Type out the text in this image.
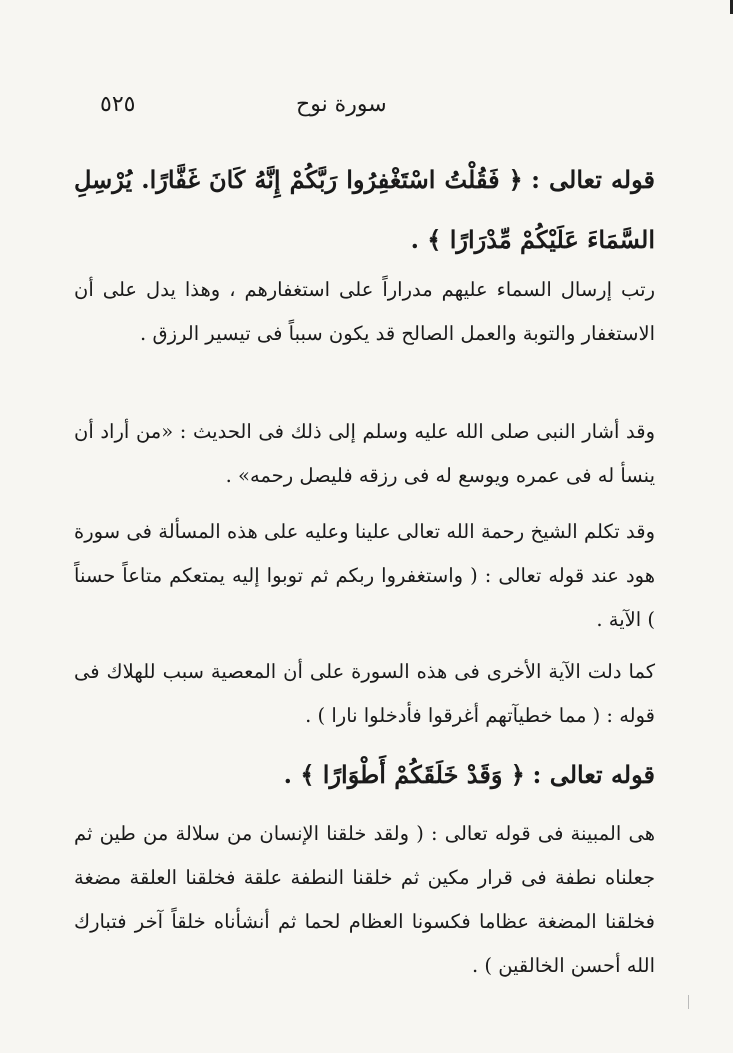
٥٢٥	سورة نوح
قوله تعالى : ﴿ فَقُلْتُ اسْتَغْفِرُوا رَبَّكُمْ إِنَّهُ كَانَ غَفَّارًا. يُرْسِلِ السَّمَاءَ عَلَيْكُمْ مِّدْرَارًا ﴾ .
رتب إرسال السماء عليهم مدراراً على استغفارهم ، وهذا يدل على أن الاستغفار والتوبة والعمل الصالح قد يكون سبباً فى تيسير الرزق .
وقد أشار النبى صلى الله عليه وسلم إلى ذلك فى الحديث : «من أراد أن ينسأ له فى عمره ويوسع له فى رزقه فليصل رحمه» .
وقد تكلم الشيخ رحمة الله تعالى علينا وعليه على هذه المسألة فى سورة هود عند قوله تعالى : ( واستغفروا ربكم ثم توبوا إليه يمتعكم متاعاً حسناً ) الآية .
كما دلت الآية الأخرى فى هذه السورة على أن المعصية سبب للهلاك فى قوله : ( مما خطيآتهم أغرقوا فأدخلوا نارا ) .
قوله تعالى : ﴿ وَقَدْ خَلَقَكُمْ أَطْوَارًا ﴾ .
هى المبينة فى قوله تعالى : ( ولقد خلقنا الإنسان من سلالة من طين ثم جعلناه نطفة فى قرار مكين ثم خلقنا النطفة علقة فخلقنا العلقة مضغة فخلقنا المضغة عظاما فكسونا العظام لحما ثم أنشأناه خلقاً آخر فتبارك الله أحسن الخالقين ) .
